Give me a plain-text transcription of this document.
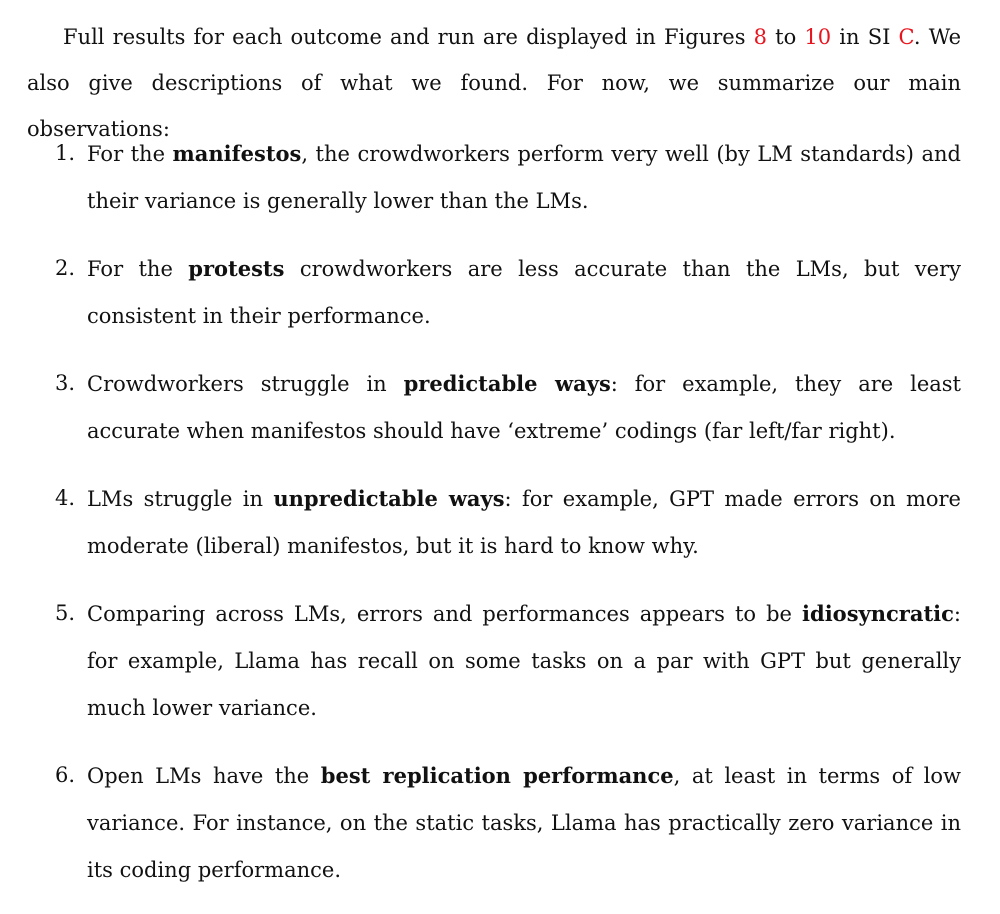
Full results for each outcome and run are displayed in Figures 8 to 10 in SI C. We also give descriptions of what we found. For now, we summarize our main observations:

1. For the manifestos, the crowdworkers perform very well (by LM standards) and their variance is generally lower than the LMs.
2. For the protests crowdworkers are less accurate than the LMs, but very consistent in their performance.
3. Crowdworkers struggle in predictable ways: for example, they are least accurate when manifestos should have ‘extreme’ codings (far left/far right).
4. LMs struggle in unpredictable ways: for example, GPT made errors on more moderate (liberal) manifestos, but it is hard to know why.
5. Comparing across LMs, errors and performances appears to be idiosyncratic: for example, Llama has recall on some tasks on a par with GPT but generally much lower variance.
6. Open LMs have the best replication performance, at least in terms of low variance. For instance, on the static tasks, Llama has practically zero variance in its coding performance.
